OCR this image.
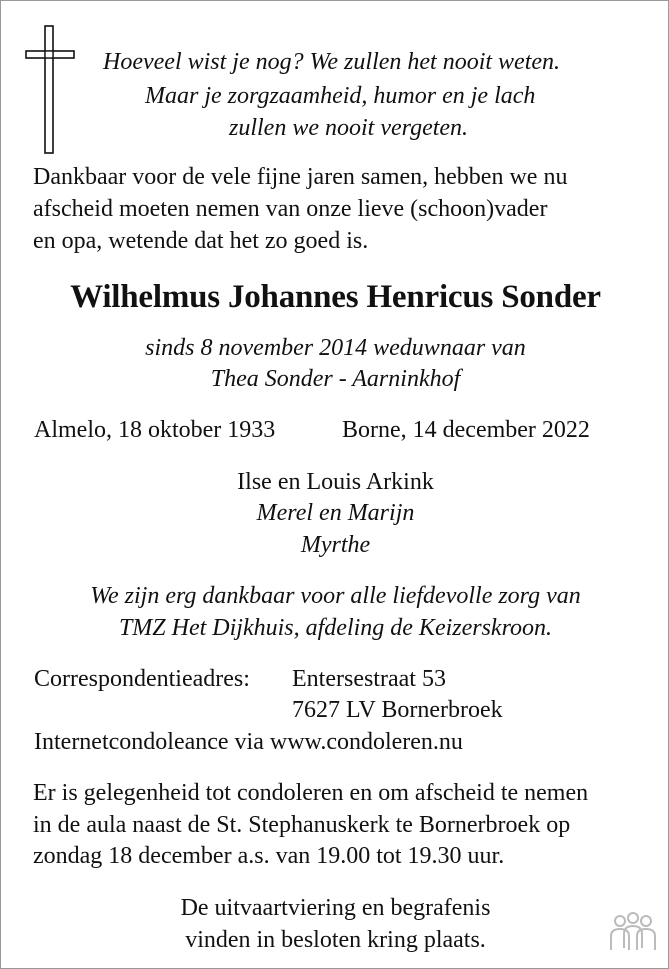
Hoeveel wist je nog? We zullen het nooit weten.
Maar je zorgzaamheid, humor en je lach
zullen we nooit vergeten.
Dankbaar voor de vele fijne jaren samen, hebben we nu
afscheid moeten nemen van onze lieve (schoon)vader
en opa, wetende dat het zo goed is.
Wilhelmus Johannes Henricus Sonder
sinds 8 november 2014 weduwnaar van
Thea Sonder - Aarninkhof
Almelo, 18 oktober 1933	Borne, 14 december 2022
Ilse en Louis Arkink
Merel en Marijn
Myrthe
We zijn erg dankbaar voor alle liefdevolle zorg van
TMZ Het Dijkhuis, afdeling de Keizerskroon.
Correspondentieadres: Entersestraat 53
7627 LV Bornerbroek
Internetcondoleance via www.condoleren.nu
Er is gelegenheid tot condoleren en om afscheid te nemen
in de aula naast de St. Stephanuskerk te Bornerbroek op
zondag 18 december a.s. van 19.00 tot 19.30 uur.
De uitvaartviering en begrafenis
vinden in besloten kring plaats.
